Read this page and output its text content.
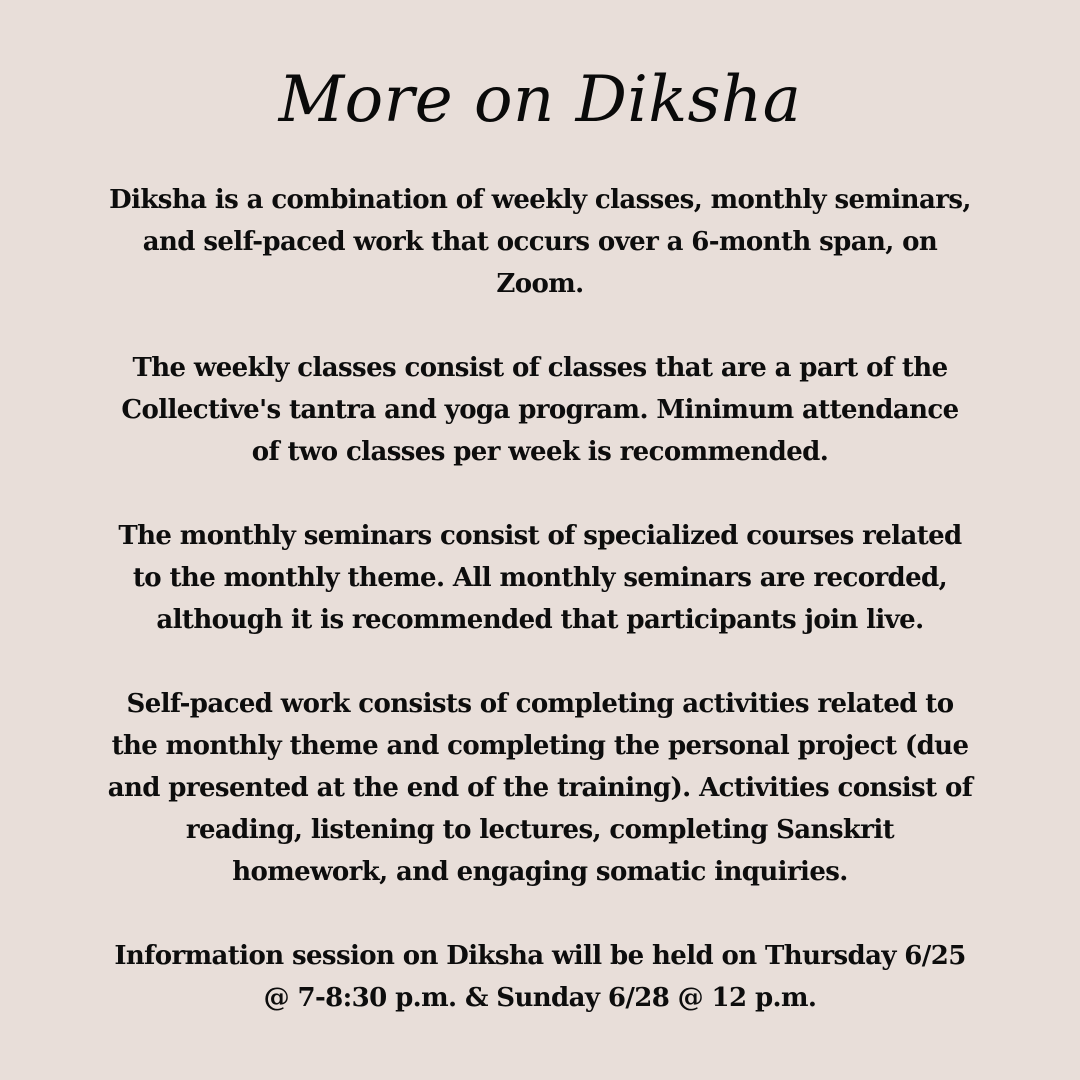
More on Diksha

Diksha is a combination of weekly classes, monthly seminars,
and self-paced work that occurs over a 6-month span, on
Zoom.

The weekly classes consist of classes that are a part of the
Collective's tantra and yoga program. Minimum attendance
of two classes per week is recommended.

The monthly seminars consist of specialized courses related
to the monthly theme. All monthly seminars are recorded,
although it is recommended that participants join live.

Self-paced work consists of completing activities related to
the monthly theme and completing the personal project (due
and presented at the end of the training). Activities consist of
reading, listening to lectures, completing Sanskrit
homework, and engaging somatic inquiries.

Information session on Diksha will be held on Thursday 6/25
@ 7-8:30 p.m. & Sunday 6/28 @ 12 p.m.
